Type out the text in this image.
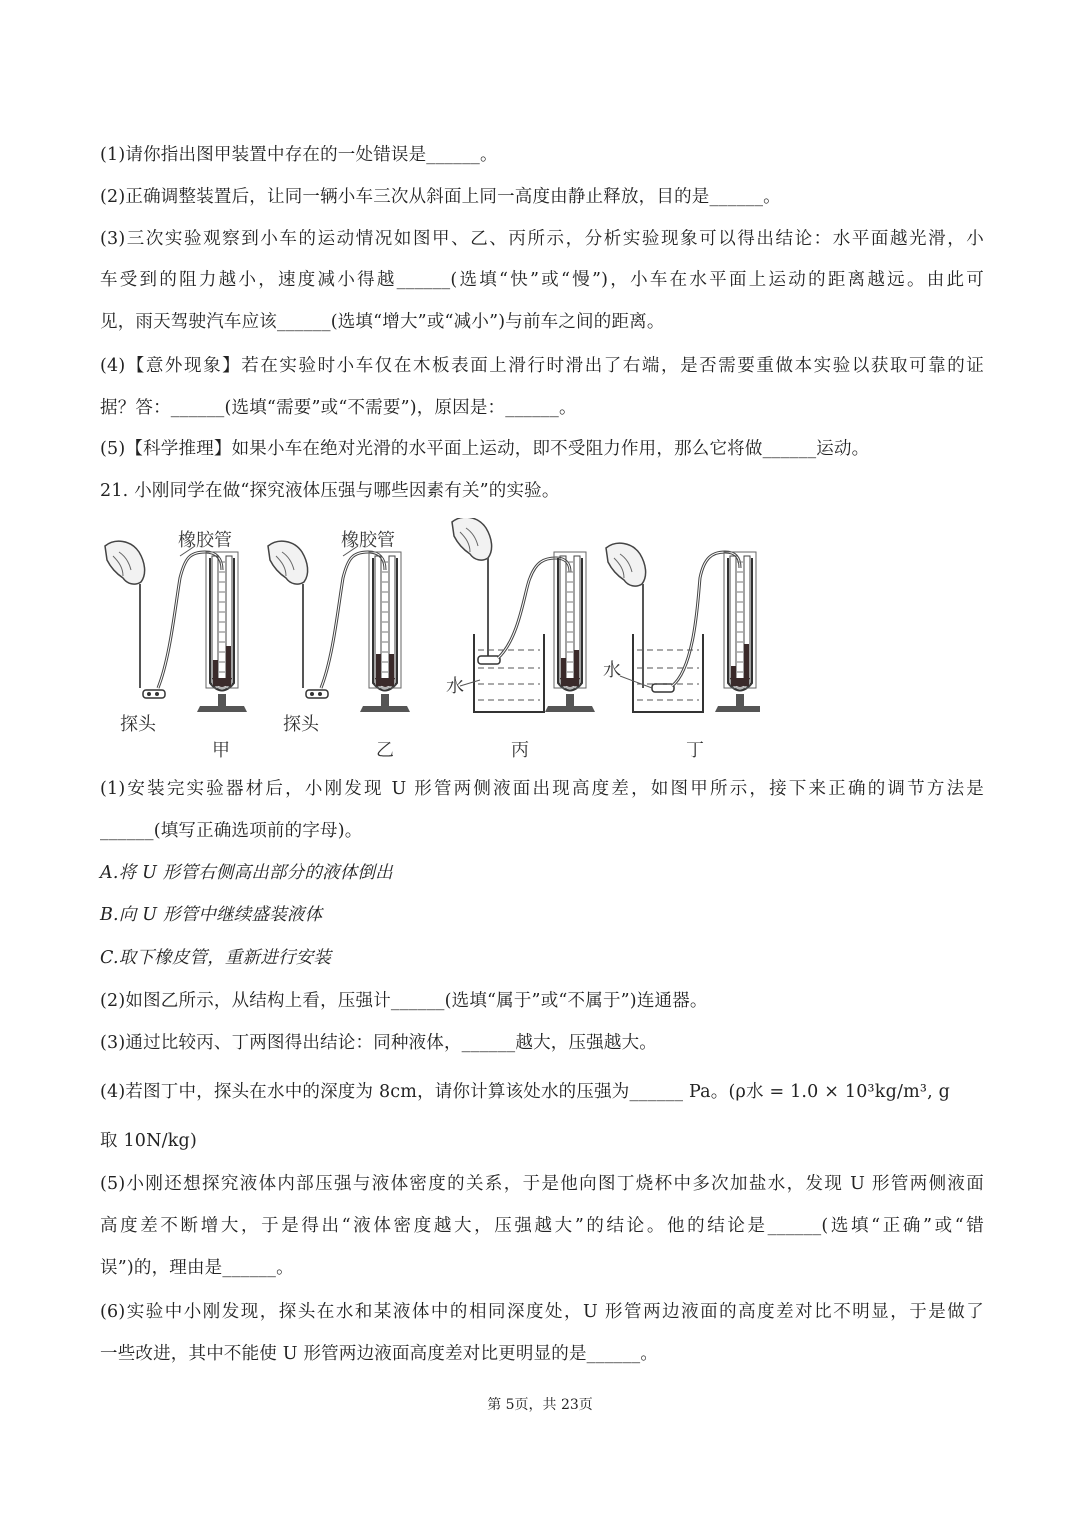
(1)请你指出图甲装置中存在的一处错误是______。
(2)正确调整装置后，让同一辆小车三次从斜面上同一高度由静止释放，目的是______。
(3)三次实验观察到小车的运动情况如图甲、乙、丙所示，分析实验现象可以得出结论：水平面越光滑，小
车受到的阻力越小，速度减小得越______(选填“快”或“慢”)，小车在水平面上运动的距离越远。由此可
见，雨天驾驶汽车应该______(选填“增大”或“减小”)与前车之间的距离。
(4)【意外现象】若在实验时小车仅在木板表面上滑行时滑出了右端，是否需要重做本实验以获取可靠的证
据？答：______(选填“需要”或“不需要”)，原因是：______。
(5)【科学推理】如果小车在绝对光滑的水平面上运动，即不受阻力作用，那么它将做______运动。
21. 小刚同学在做“探究液体压强与哪些因素有关”的实验。
橡胶管
探头
甲
橡胶管
探头
乙
水
丙
水
丁
(1)安装完实验器材后，小刚发现 U 形管两侧液面出现高度差，如图甲所示，接下来正确的调节方法是
______(填写正确选项前的字母)。
A.将 U 形管右侧高出部分的液体倒出
B.向 U 形管中继续盛装液体
C.取下橡皮管，重新进行安装
(2)如图乙所示，从结构上看，压强计______(选填“属于”或“不属于”)连通器。
(3)通过比较丙、丁两图得出结论：同种液体，______越大，压强越大。
(4)若图丁中，探头在水中的深度为 8cm，请你计算该处水的压强为______ Pa。(ρ水 = 1.0 × 10³kg/m³, g
取 10N/kg)
(5)小刚还想探究液体内部压强与液体密度的关系，于是他向图丁烧杯中多次加盐水，发现 U 形管两侧液面
高度差不断增大，于是得出“液体密度越大，压强越大”的结论。他的结论是______(选填“正确”或“错
误”)的，理由是______。
(6)实验中小刚发现，探头在水和某液体中的相同深度处，U 形管两边液面的高度差对比不明显，于是做了
一些改进，其中不能使 U 形管两边液面高度差对比更明显的是______。
第 5页，共 23页
